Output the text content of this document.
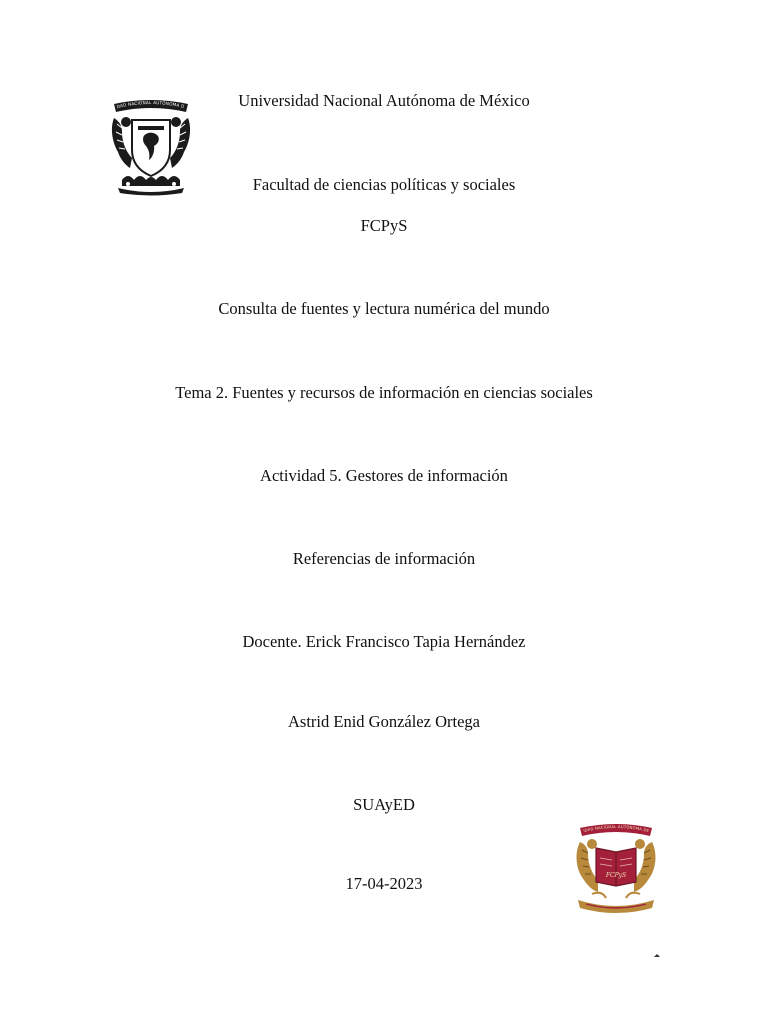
DAD NACIONAL AUTÓNOMA D	Universidad Nacional Autónoma de México
Facultad de ciencias políticas y sociales
FCPyS
Consulta de fuentes y lectura numérica del mundo
Tema 2. Fuentes y recursos de información en ciencias sociales
Actividad 5. Gestores de información
Referencias de información
Docente. Erick Francisco Tapia Hernández
Astrid Enid González Ortega
SUAyED
17-04-2023
IDAD NACIONAL AUTÓNOMA DE
FCPyS
